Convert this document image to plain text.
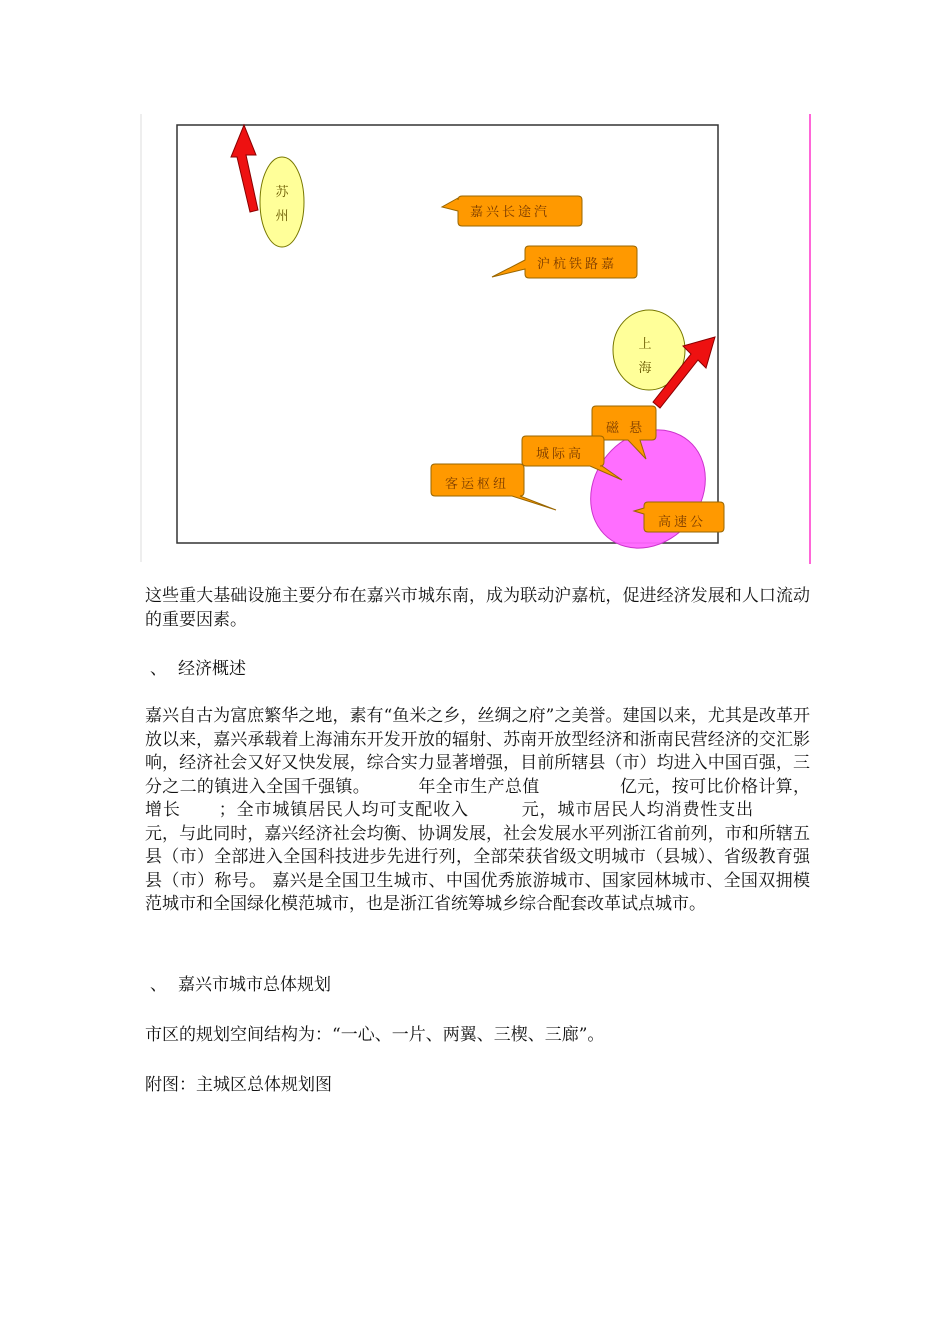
苏
州	嘉兴长途汽
沪杭铁路嘉
上
海
磁 悬
城际高
客运枢纽
高速公

这些重大基础设施主要分布在嘉兴市城东南，成为联动沪嘉杭，促进经济发展和人口流动的重要因素。

、 经济概述

嘉兴自古为富庶繁华之地，素有“鱼米之乡，丝绸之府”之美誉。建国以来，尤其是改革开放以来，嘉兴承载着上海浦东开发开放的辐射、苏南开放型经济和浙南民营经济的交汇影响，经济社会又好又快发展，综合实力显著增强，目前所辖县（市）均进入中国百强，三分之二的镇进入全国千强镇。	年全市生产总值	亿元，按可比价格计算，增长 ；全市城镇居民人均可支配收入	元，城市居民人均消费性支出元，与此同时，嘉兴经济社会均衡、协调发展，社会发展水平列浙江省前列，市和所辖五县（市）全部进入全国科技进步先进行列，全部荣获省级文明城市（县城）、省级教育强县（市）称号。 嘉兴是全国卫生城市、中国优秀旅游城市、国家园林城市、全国双拥模范城市和全国绿化模范城市，也是浙江省统筹城乡综合配套改革试点城市。

、 嘉兴市城市总体规划

市区的规划空间结构为：“一心、一片、两翼、三楔、三廊”。

附图：主城区总体规划图
